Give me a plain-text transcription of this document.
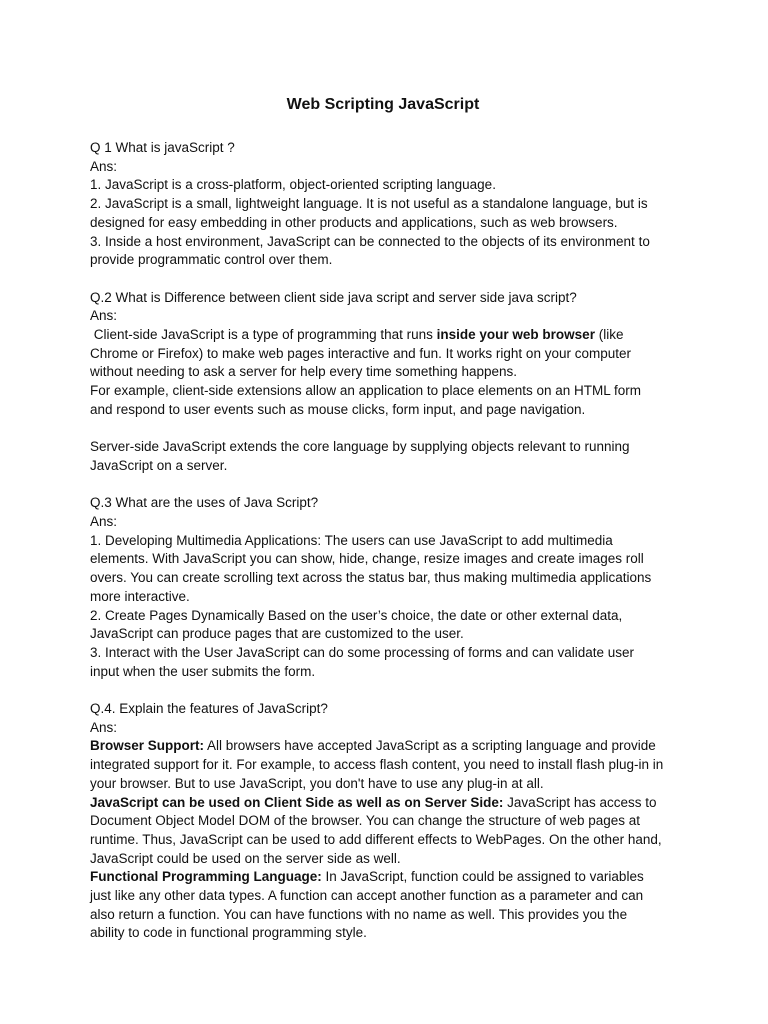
Web Scripting JavaScript

Q 1 What is javaScript ?

Ans:

1. JavaScript is a cross-platform, object-oriented scripting language.

2. JavaScript is a small, lightweight language. It is not useful as a standalone language, but is

designed for easy embedding in other products and applications, such as web browsers.

3. Inside a host environment, JavaScript can be connected to the objects of its environment to

provide programmatic control over them.

Q.2 What is Difference between client side java script and server side java script?

Ans:

Client-side JavaScript is a type of programming that runs inside your web browser (like

Chrome or Firefox) to make web pages interactive and fun. It works right on your computer

without needing to ask a server for help every time something happens.

For example, client-side extensions allow an application to place elements on an HTML form

and respond to user events such as mouse clicks, form input, and page navigation.

Server-side JavaScript extends the core language by supplying objects relevant to running

JavaScript on a server.

Q.3 What are the uses of Java Script?

Ans:

1. Developing Multimedia Applications: The users can use JavaScript to add multimedia

elements. With JavaScript you can show, hide, change, resize images and create images roll

overs. You can create scrolling text across the status bar, thus making multimedia applications

more interactive.

2. Create Pages Dynamically Based on the user’s choice, the date or other external data,

JavaScript can produce pages that are customized to the user.

3. Interact with the User JavaScript can do some processing of forms and can validate user

input when the user submits the form.

Q.4. Explain the features of JavaScript?

Ans:

Browser Support: All browsers have accepted JavaScript as a scripting language and provide

integrated support for it. For example, to access flash content, you need to install flash plug-in in

your browser. But to use JavaScript, you don't have to use any plug-in at all.

JavaScript can be used on Client Side as well as on Server Side: JavaScript has access to

Document Object Model DOM of the browser. You can change the structure of web pages at

runtime. Thus, JavaScript can be used to add different effects to WebPages. On the other hand,

JavaScript could be used on the server side as well.

Functional Programming Language: In JavaScript, function could be assigned to variables

just like any other data types. A function can accept another function as a parameter and can

also return a function. You can have functions with no name as well. This provides you the

ability to code in functional programming style.
